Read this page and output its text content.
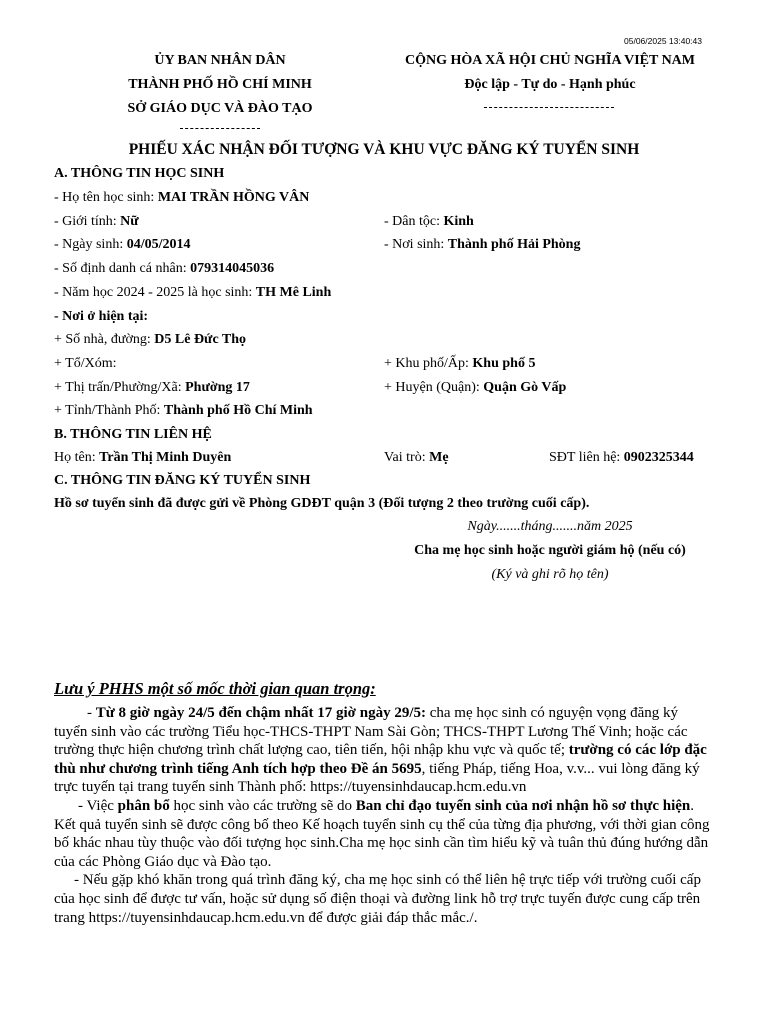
05/06/2025 13:40:43
ỦY BAN NHÂN DÂN
THÀNH PHỐ HỒ CHÍ MINH
SỞ GIÁO DỤC VÀ ĐÀO TẠO
CỘNG HÒA XÃ HỘI CHỦ NGHĨA VIỆT NAM
Độc lập - Tự do - Hạnh phúc
PHIẾU XÁC NHẬN ĐỐI TƯỢNG VÀ KHU VỰC ĐĂNG KÝ TUYỂN SINH
A. THÔNG TIN HỌC SINH
- Họ tên học sinh: MAI TRẦN HỒNG VÂN
- Giới tính: Nữ	- Dân tộc: Kinh
- Ngày sinh: 04/05/2014	- Nơi sinh: Thành phố Hải Phòng
- Số định danh cá nhân: 079314045036
- Năm học 2024 - 2025 là học sinh: TH Mê Linh
- Nơi ở hiện tại:
+ Số nhà, đường: D5 Lê Đức Thọ
+ Tổ/Xóm:	+ Khu phố/Ấp: Khu phố 5
+ Thị trấn/Phường/Xã: Phường 17	+ Huyện (Quận): Quận Gò Vấp
+ Tỉnh/Thành Phố: Thành phố Hồ Chí Minh
B. THÔNG TIN LIÊN HỆ
Họ tên: Trần Thị Minh Duyên	Vai trò: Mẹ	SĐT liên hệ: 0902325344
C. THÔNG TIN ĐĂNG KÝ TUYỂN SINH
Hồ sơ tuyển sinh đã được gửi về Phòng GDĐT quận 3 (Đối tượng 2 theo trường cuối cấp).
Ngày.......tháng.......năm 2025
Cha mẹ học sinh hoặc người giám hộ (nếu có)
(Ký và ghi rõ họ tên)
Lưu ý PHHS một số mốc thời gian quan trọng:

- Từ 8 giờ ngày 24/5 đến chậm nhất 17 giờ ngày 29/5: cha mẹ học sinh có nguyện vọng đăng ký tuyển sinh vào các trường Tiểu học-THCS-THPT Nam Sài Gòn; THCS-THPT Lương Thế Vinh; hoặc các trường thực hiện chương trình chất lượng cao, tiên tiến, hội nhập khu vực và quốc tế; trường có các lớp đặc thù như chương trình tiếng Anh tích hợp theo Đề án 5695, tiếng Pháp, tiếng Hoa, v.v... vui lòng đăng ký trực tuyến tại trang tuyển sinh Thành phố: https://tuyensinhdaucap.hcm.edu.vn

- Việc phân bổ học sinh vào các trường sẽ do Ban chỉ đạo tuyển sinh của nơi nhận hồ sơ thực hiện. Kết quả tuyển sinh sẽ được công bố theo Kế hoạch tuyển sinh cụ thể của từng địa phương, với thời gian công bố khác nhau tùy thuộc vào đối tượng học sinh.Cha mẹ học sinh cần tìm hiểu kỹ và tuân thủ đúng hướng dẫn của các Phòng Giáo dục và Đào tạo.

- Nếu gặp khó khăn trong quá trình đăng ký, cha mẹ học sinh có thể liên hệ trực tiếp với trường cuối cấp của học sinh để được tư vấn, hoặc sử dụng số điện thoại và đường link hỗ trợ trực tuyến được cung cấp trên trang https://tuyensinhdaucap.hcm.edu.vn để được giải đáp thắc mắc./.
